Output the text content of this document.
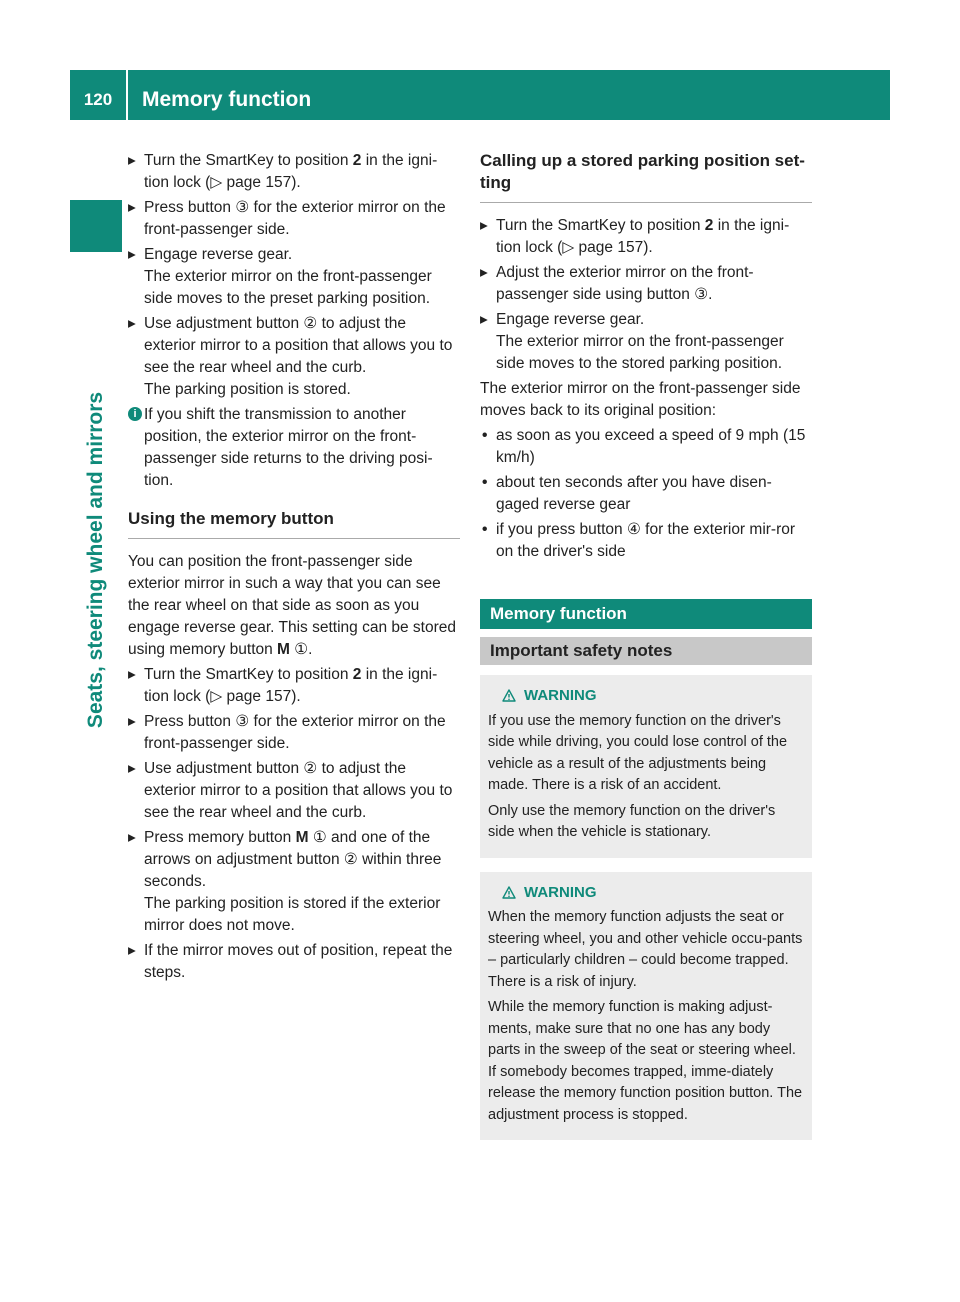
120	Memory function
Seats, steering wheel and mirrors
▸ Turn the SmartKey to position 2 in the igni-tion lock (▷ page 157).
▸ Press button ③ for the exterior mirror on the front-passenger side.
▸ Engage reverse gear.
The exterior mirror on the front-passenger side moves to the preset parking position.
▸ Use adjustment button ② to adjust the exterior mirror to a position that allows you to see the rear wheel and the curb.
The parking position is stored.
i If you shift the transmission to another position, the exterior mirror on the front-passenger side returns to the driving posi-tion.
Using the memory button
You can position the front-passenger side exterior mirror in such a way that you can see the rear wheel on that side as soon as you engage reverse gear. This setting can be stored using memory button M ①.
▸ Turn the SmartKey to position 2 in the igni-tion lock (▷ page 157).
▸ Press button ③ for the exterior mirror on the front-passenger side.
▸ Use adjustment button ② to adjust the exterior mirror to a position that allows you to see the rear wheel and the curb.
▸ Press memory button M ① and one of the arrows on adjustment button ② within three seconds.
The parking position is stored if the exterior mirror does not move.
▸ If the mirror moves out of position, repeat the steps.
Calling up a stored parking position set-ting
▸ Turn the SmartKey to position 2 in the igni-tion lock (▷ page 157).
▸ Adjust the exterior mirror on the front-passenger side using button ③.
▸ Engage reverse gear.
The exterior mirror on the front-passenger side moves to the stored parking position.
The exterior mirror on the front-passenger side moves back to its original position:
• as soon as you exceed a speed of 9 mph (15 km/h)
• about ten seconds after you have disen-gaged reverse gear
• if you press button ④ for the exterior mir-ror on the driver's side
Memory function
Important safety notes
WARNING
If you use the memory function on the driver's side while driving, you could lose control of the vehicle as a result of the adjustments being made. There is a risk of an accident.
Only use the memory function on the driver's side when the vehicle is stationary.
WARNING
When the memory function adjusts the seat or steering wheel, you and other vehicle occu-pants – particularly children – could become trapped. There is a risk of injury.
While the memory function is making adjust-ments, make sure that no one has any body parts in the sweep of the seat or steering wheel. If somebody becomes trapped, imme-diately release the memory function position button. The adjustment process is stopped.
